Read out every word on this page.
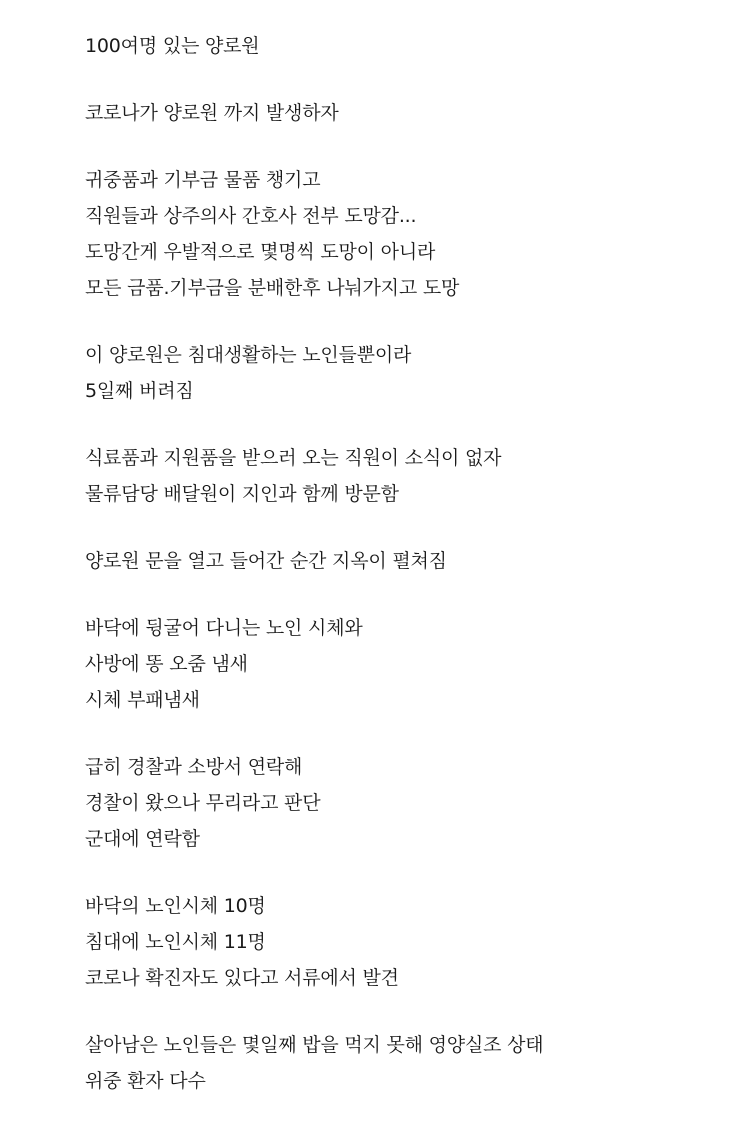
100여명 있는 양로원
코로나가 양로원 까지 발생하자
귀중품과 기부금 물품 챙기고
직원들과 상주의사 간호사 전부 도망감...
도망간게 우발적으로 몇명씩 도망이 아니라
모든 금품.기부금을 분배한후 나눠가지고 도망
이 양로원은 침대생활하는 노인들뿐이라
5일째 버려짐
식료품과 지원품을 받으러 오는 직원이 소식이 없자
물류담당 배달원이 지인과 함께 방문함
양로원 문을 열고 들어간 순간 지옥이 펼쳐짐
바닥에 뒹굴어 다니는 노인 시체와
사방에 똥 오줌 냄새
시체 부패냄새
급히 경찰과 소방서 연락해
경찰이 왔으나 무리라고 판단
군대에 연락함
바닥의 노인시체 10명
침대에 노인시체 11명
코로나 확진자도 있다고 서류에서 발견
살아남은 노인들은 몇일째 밥을 먹지 못해 영양실조 상태
위중 환자 다수
